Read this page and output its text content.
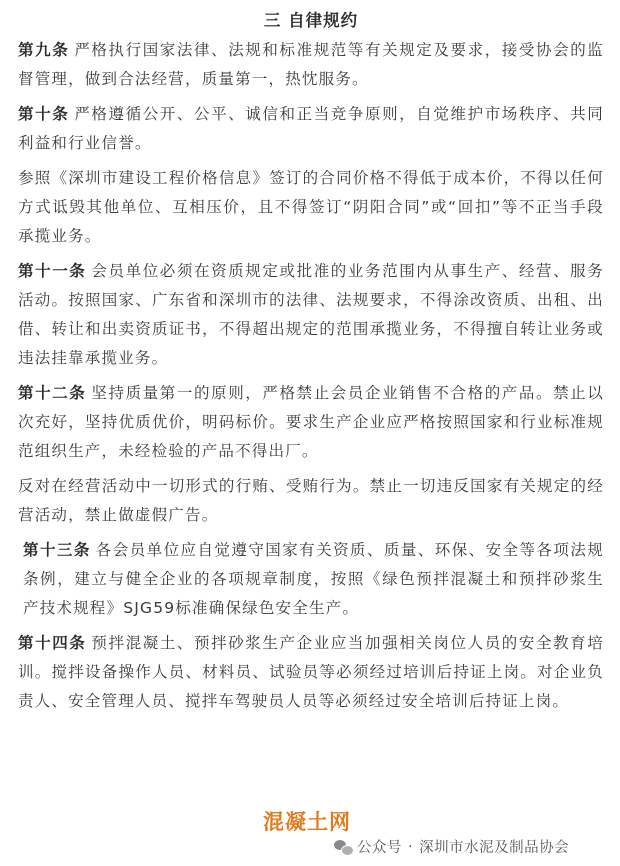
三 自律规约

第九条 严格执行国家法律、法规和标准规范等有关规定及要求，接受协会的监督管理，做到合法经营，质量第一，热忱服务。

第十条 严格遵循公开、公平、诚信和正当竞争原则，自觉维护市场秩序、共同利益和行业信誉。

参照《深圳市建设工程价格信息》签订的合同价格不得低于成本价，不得以任何方式诋毁其他单位、互相压价，且不得签订“阴阳合同”或“回扣”等不正当手段承揽业务。

第十一条 会员单位必须在资质规定或批准的业务范围内从事生产、经营、服务活动。按照国家、广东省和深圳市的法律、法规要求，不得涂改资质、出租、出借、转让和出卖资质证书，不得超出规定的范围承揽业务，不得擅自转让业务或违法挂靠承揽业务。

第十二条 坚持质量第一的原则，严格禁止会员企业销售不合格的产品。禁止以次充好，坚持优质优价，明码标价。要求生产企业应严格按照国家和行业标准规范组织生产，未经检验的产品不得出厂。

反对在经营活动中一切形式的行贿、受贿行为。禁止一切违反国家有关规定的经营活动，禁止做虚假广告。

第十三条 各会员单位应自觉遵守国家有关资质、质量、环保、安全等各项法规条例，建立与健全企业的各项规章制度，按照《绿色预拌混凝土和预拌砂浆生产技术规程》SJG59标准确保绿色安全生产。

第十四条 预拌混凝土、预拌砂浆生产企业应当加强相关岗位人员的安全教育培训。搅拌设备操作人员、材料员、试验员等必须经过培训后持证上岗。对企业负责人、安全管理人员、搅拌车驾驶员人员等必须经过安全培训后持证上岗。

混凝土网
公众号 · 深圳市水泥及制品协会
